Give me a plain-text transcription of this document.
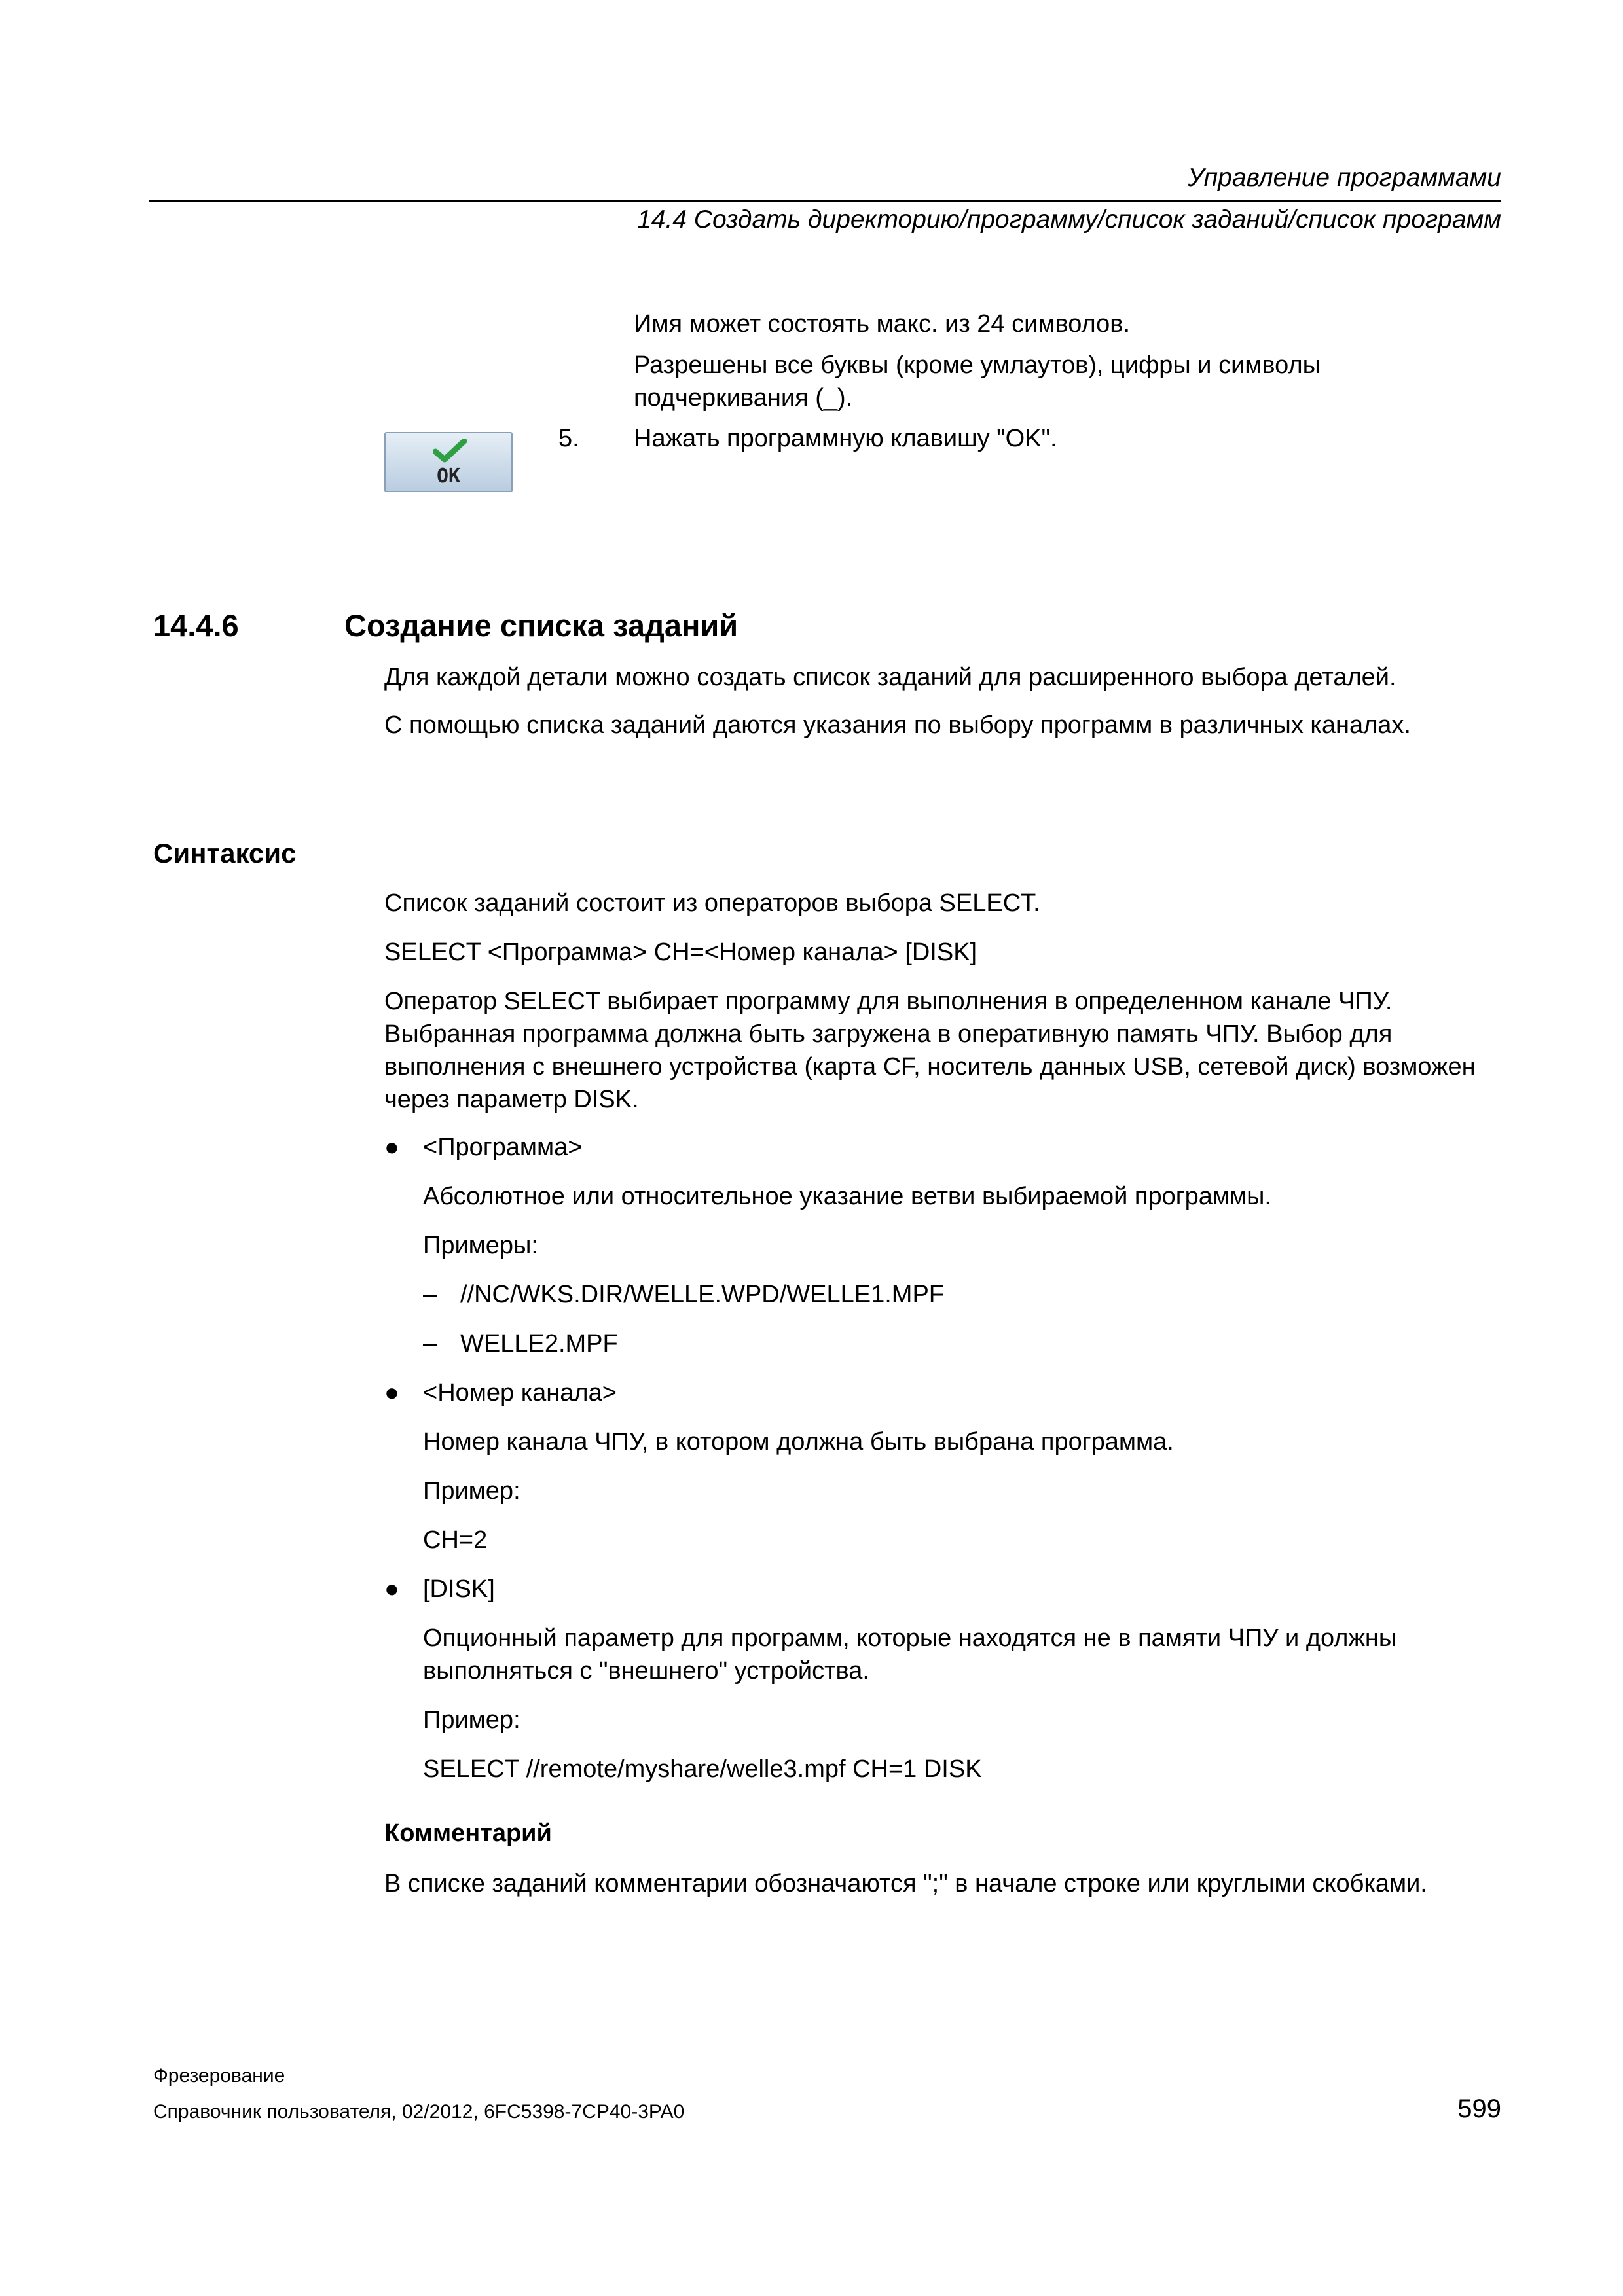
Управление программами
14.4 Создать директорию/программу/список заданий/список программ
Имя может состоять макс. из 24 символов.
Разрешены все буквы (кроме умлаутов), цифры и символы подчеркивания (_).
OK
5. Нажать программную клавишу "OK".
14.4.6	Создание списка заданий
Для каждой детали можно создать список заданий для расширенного выбора деталей.
С помощью списка заданий даются указания по выбору программ в различных каналах.
Синтаксис
Список заданий состоит из операторов выбора SELECT.
SELECT <Программа> CH=<Номер канала> [DISK]
Оператор SELECT выбирает программу для выполнения в определенном канале ЧПУ. Выбранная программа должна быть загружена в оперативную память ЧПУ. Выбор для выполнения с внешнего устройства (карта CF, носитель данных USB, сетевой диск) возможен через параметр DISK.
● <Программа>
Абсолютное или относительное указание ветви выбираемой программы.
Примеры:
– //NC/WKS.DIR/WELLE.WPD/WELLE1.MPF
– WELLE2.MPF
● <Номер канала>
Номер канала ЧПУ, в котором должна быть выбрана программа.
Пример:
CH=2
● [DISK]
Опционный параметр для программ, которые находятся не в памяти ЧПУ и должны выполняться с "внешнего" устройства.
Пример:
SELECT //remote/myshare/welle3.mpf CH=1 DISK
Комментарий
В списке заданий комментарии обозначаются ";" в начале строке или круглыми скобками.
Фрезерование
Справочник пользователя, 02/2012, 6FC5398-7CP40-3PA0	599
